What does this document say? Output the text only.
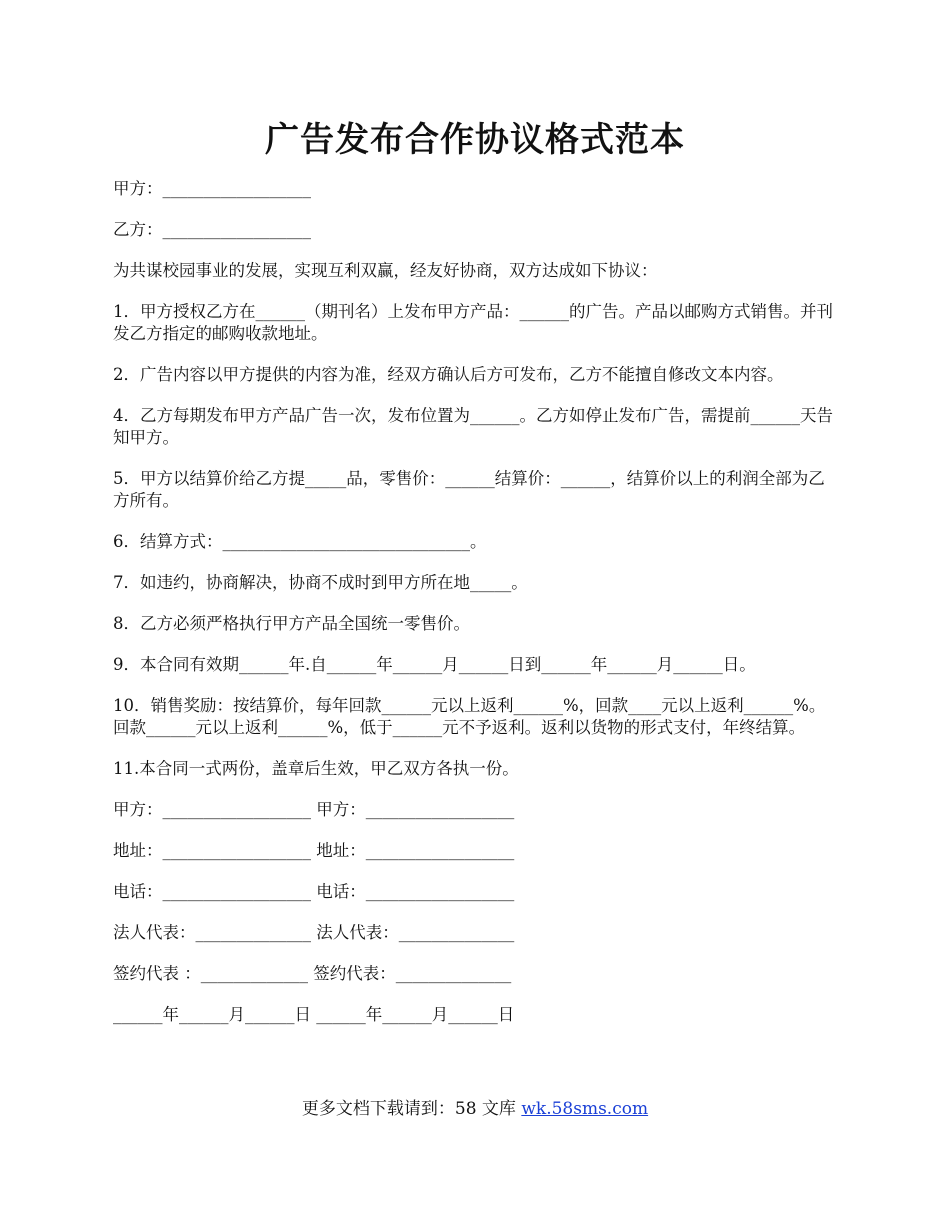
广告发布合作协议格式范本

甲方：__________________

乙方：__________________

为共谋校园事业的发展，实现互利双赢，经友好协商，双方达成如下协议：

1．甲方授权乙方在______（期刊名）上发布甲方产品：______的广告。产品以邮购方式销售。并刊发乙方指定的邮购收款地址。

2．广告内容以甲方提供的内容为准，经双方确认后方可发布，乙方不能擅自修改文本内容。

4．乙方每期发布甲方产品广告一次，发布位置为______。乙方如停止发布广告，需提前______天告知甲方。

5．甲方以结算价给乙方提_____品，零售价：______结算价：______，结算价以上的利润全部为乙方所有。

6．结算方式：______________________________。

7．如违约，协商解决，协商不成时到甲方所在地_____。

8．乙方必须严格执行甲方产品全国统一零售价。

9．本合同有效期______年.自______年______月______日到______年______月______日。

10．销售奖励：按结算价，每年回款______元以上返利______%，回款____元以上返利______%。回款______元以上返利______%，低于______元不予返利。返利以货物的形式支付，年终结算。

11.本合同一式两份，盖章后生效，甲乙双方各执一份。

甲方：__________________ 甲方：__________________

地址：__________________ 地址：__________________

电话：__________________ 电话：__________________

法人代表：______________ 法人代表：______________

签约代表 ：_____________ 签约代表：______________

______年______月______日 ______年______月______日

更多文档下载请到：58 文库 wk.58sms.com
